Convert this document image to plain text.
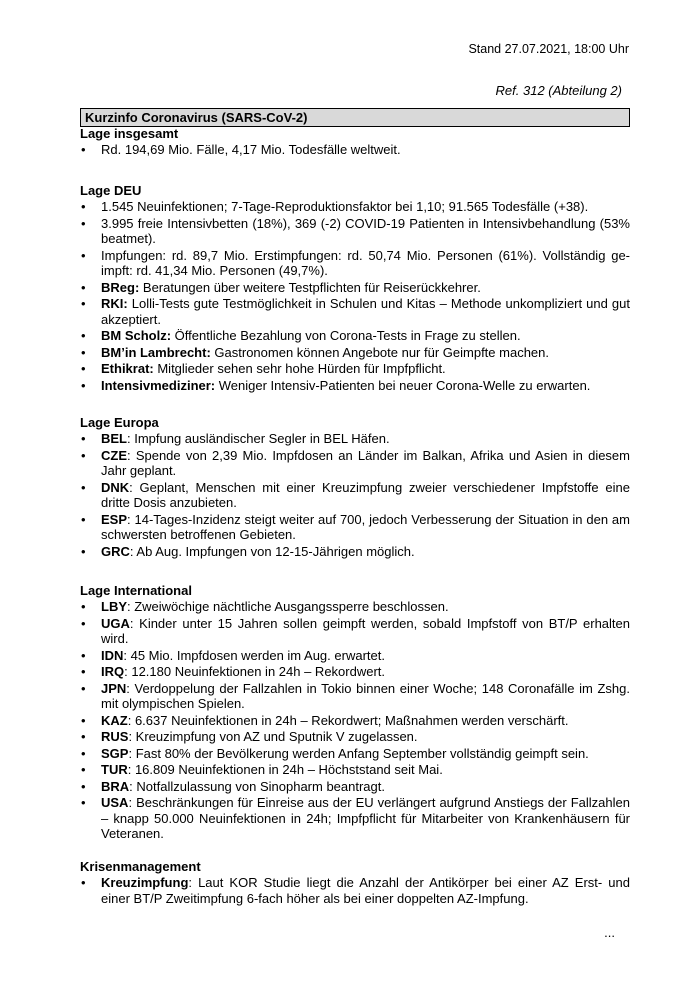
Stand 27.07.2021, 18:00 Uhr
Ref. 312 (Abteilung 2)
Kurzinfo Coronavirus (SARS-CoV-2)
Lage insgesamt
• Rd. 194,69 Mio. Fälle, 4,17 Mio. Todesfälle weltweit.
Lage DEU
• 1.545 Neuinfektionen; 7-Tage-Reproduktionsfaktor bei 1,10; 91.565 Todesfälle (+38).
• 3.995 freie Intensivbetten (18%), 369 (-2) COVID-19 Patienten in Intensivbehandlung (53% beatmet).
• Impfungen: rd. 89,7 Mio. Erstimpfungen: rd. 50,74 Mio. Personen (61%). Vollständig ge-impft: rd. 41,34 Mio. Personen (49,7%).
• BReg: Beratungen über weitere Testpflichten für Reiserückkehrer.
• RKI: Lolli-Tests gute Testmöglichkeit in Schulen und Kitas – Methode unkompliziert und gut akzeptiert.
• BM Scholz: Öffentliche Bezahlung von Corona-Tests in Frage zu stellen.
• BM’in Lambrecht: Gastronomen können Angebote nur für Geimpfte machen.
• Ethikrat: Mitglieder sehen sehr hohe Hürden für Impfpflicht.
• Intensivmediziner: Weniger Intensiv-Patienten bei neuer Corona-Welle zu erwarten.
Lage Europa
• BEL: Impfung ausländischer Segler in BEL Häfen.
• CZE: Spende von 2,39 Mio. Impfdosen an Länder im Balkan, Afrika und Asien in diesem Jahr geplant.
• DNK: Geplant, Menschen mit einer Kreuzimpfung zweier verschiedener Impfstoffe eine dritte Dosis anzubieten.
• ESP: 14-Tages-Inzidenz steigt weiter auf 700, jedoch Verbesserung der Situation in den am schwersten betroffenen Gebieten.
• GRC: Ab Aug. Impfungen von 12-15-Jährigen möglich.
Lage International
• LBY: Zweiwöchige nächtliche Ausgangssperre beschlossen.
• UGA: Kinder unter 15 Jahren sollen geimpft werden, sobald Impfstoff von BT/P erhalten wird.
• IDN: 45 Mio. Impfdosen werden im Aug. erwartet.
• IRQ: 12.180 Neuinfektionen in 24h – Rekordwert.
• JPN: Verdoppelung der Fallzahlen in Tokio binnen einer Woche; 148 Coronafälle im Zshg. mit olympischen Spielen.
• KAZ: 6.637 Neuinfektionen in 24h – Rekordwert; Maßnahmen werden verschärft.
• RUS: Kreuzimpfung von AZ und Sputnik V zugelassen.
• SGP: Fast 80% der Bevölkerung werden Anfang September vollständig geimpft sein.
• TUR: 16.809 Neuinfektionen in 24h – Höchststand seit Mai.
• BRA: Notfallzulassung von Sinopharm beantragt.
• USA: Beschränkungen für Einreise aus der EU verlängert aufgrund Anstiegs der Fallzahlen – knapp 50.000 Neuinfektionen in 24h; Impfpflicht für Mitarbeiter von Krankenhäusern für Veteranen.
Krisenmanagement
• Kreuzimpfung: Laut KOR Studie liegt die Anzahl der Antikörper bei einer AZ Erst- und einer BT/P Zweitimpfung 6-fach höher als bei einer doppelten AZ-Impfung.
...
